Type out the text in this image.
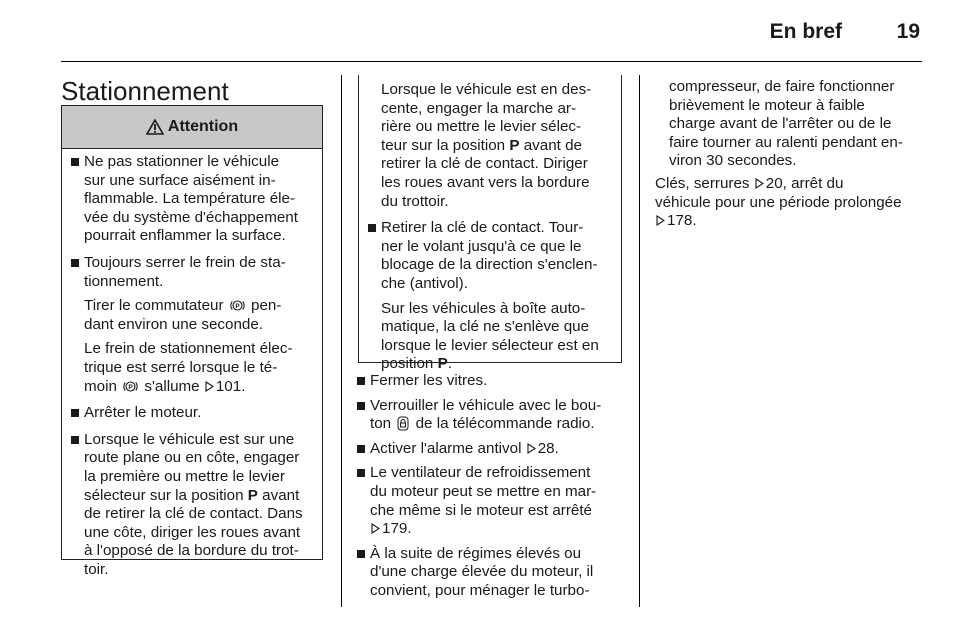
En bref	19
Stationnement
Attention

Ne pas stationner le véhicule
sur une surface aisément in-
flammable. La température éle-
vée du système d'échappement
pourrait enflammer la surface.

Toujours serrer le frein de sta-
tionnement.

Tirer le commutateur P pen-
dant environ une seconde.

Le frein de stationnement élec-
trique est serré lorsque le té-
moin P s'allume 101.

Arrêter le moteur.

Lorsque le véhicule est sur une
route plane ou en côte, engager
la première ou mettre le levier
sélecteur sur la position P avant
de retirer la clé de contact. Dans
une côte, diriger les roues avant
à l'opposé de la bordure du trot-
toir.

Lorsque le véhicule est en des-
cente, engager la marche ar-
rière ou mettre le levier sélec-
teur sur la position P avant de
retirer la clé de contact. Diriger
les roues avant vers la bordure
du trottoir.

Retirer la clé de contact. Tour-
ner le volant jusqu'à ce que le
blocage de la direction s'enclen-
che (antivol).

Sur les véhicules à boîte auto-
matique, la clé ne s'enlève que
lorsque le levier sélecteur est en
position P.

Fermer les vitres.

Verrouiller le véhicule avec le bou-
ton de la télécommande radio.

Activer l'alarme antivol 28.

Le ventilateur de refroidissement
du moteur peut se mettre en mar-
che même si le moteur est arrêté
179.

À la suite de régimes élevés ou
d'une charge élevée du moteur, il
convient, pour ménager le turbo-

compresseur, de faire fonctionner
brièvement le moteur à faible
charge avant de l'arrêter ou de le
faire tourner au ralenti pendant en-
viron 30 secondes.

Clés, serrures 20, arrêt du
véhicule pour une période prolongée
178.
